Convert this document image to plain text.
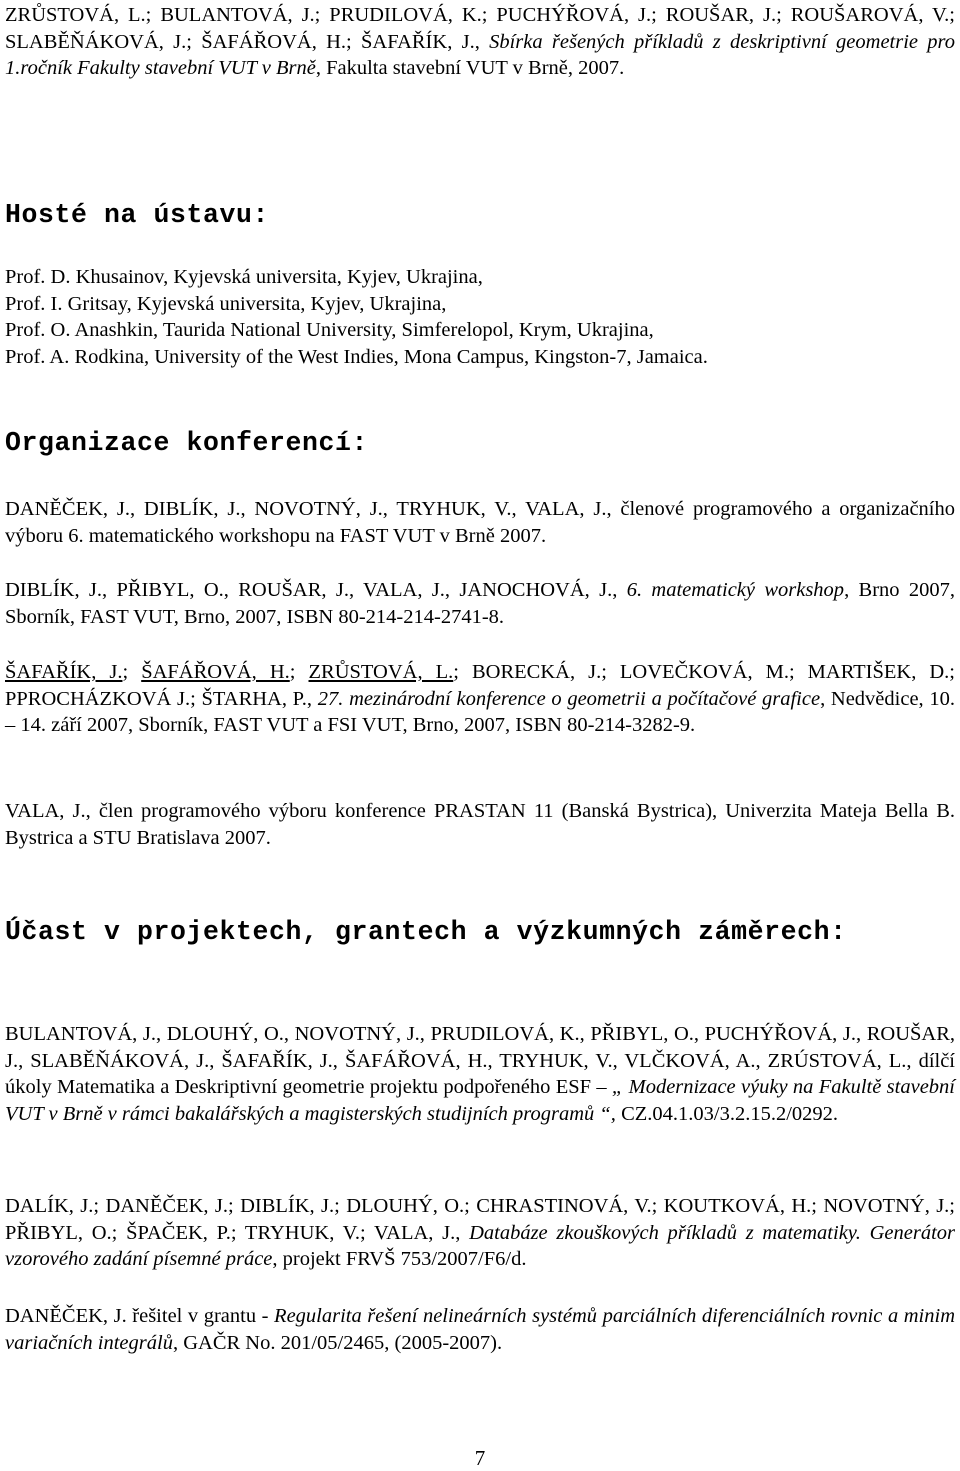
ZRŮSTOVÁ, L.; BULANTOVÁ, J.; PRUDILOVÁ, K.; PUCHÝŘOVÁ, J.; ROUŠAR, J.; ROUŠAROVÁ, V.; SLABĚŇÁKOVÁ, J.; ŠAFÁŘOVÁ, H.; ŠAFAŘÍK, J., Sbírka řešených příkladů z deskriptivní geometrie pro 1.ročník Fakulty stavební VUT v Brně, Fakulta stavební VUT v Brně, 2007.

Hosté na ústavu:

Prof. D. Khusainov, Kyjevská universita, Kyjev, Ukrajina,

Prof. I. Gritsay, Kyjevská universita, Kyjev, Ukrajina,

Prof. O. Anashkin, Taurida National University, Simferelopol, Krym, Ukrajina,

Prof. A. Rodkina, University of the West Indies, Mona Campus, Kingston-7, Jamaica.

Organizace konferencí:

DANĚČEK, J., DIBLÍK, J., NOVOTNÝ, J., TRYHUK, V., VALA, J., členové programového a organizačního výboru 6. matematického workshopu na FAST VUT v Brně 2007.

DIBLÍK, J., PŘIBYL, O., ROUŠAR, J., VALA, J., JANOCHOVÁ, J., 6. matematický workshop, Brno 2007, Sborník, FAST VUT, Brno, 2007, ISBN 80-214-214-2741-8.

ŠAFAŘÍK, J.; ŠAFÁŘOVÁ, H.; ZRŮSTOVÁ, L.; BORECKÁ, J.; LOVEČKOVÁ, M.; MARTIŠEK, D.; PPROCHÁZKOVÁ J.; ŠTARHA, P., 27. mezinárodní konference o geometrii a počítačové grafice, Nedvědice, 10. – 14. září 2007, Sborník, FAST VUT a FSI VUT, Brno, 2007, ISBN 80-214-3282-9.

VALA, J., člen programového výboru konference PRASTAN 11 (Banská Bystrica), Univerzita Mateja Bella B. Bystrica a STU Bratislava 2007.

Účast v projektech, grantech a výzkumných záměrech:

BULANTOVÁ, J., DLOUHÝ, O., NOVOTNÝ, J., PRUDILOVÁ, K., PŘIBYL, O., PUCHÝŘOVÁ, J., ROUŠAR, J., SLABĚŇÁKOVÁ, J., ŠAFAŘÍK, J., ŠAFÁŘOVÁ, H., TRYHUK, V., VLČKOVÁ, A., ZRÚSTOVÁ, L., dílčí úkoly Matematika a Deskriptivní geometrie projektu podpořeného ESF – „ Modernizace výuky na Fakultě stavební VUT v Brně v rámci bakalářských a magisterských studijních programů “, CZ.04.1.03/3.2.15.2/0292.

DALÍK, J.; DANĚČEK, J.; DIBLÍK, J.; DLOUHÝ, O.; CHRASTINOVÁ, V.; KOUTKOVÁ, H.; NOVOTNÝ, J.; PŘIBYL, O.; ŠPAČEK, P.; TRYHUK, V.; VALA, J., Databáze zkouškových příkladů z matematiky. Generátor vzorového zadání písemné práce, projekt FRVŠ 753/2007/F6/d.

DANĚČEK, J. řešitel v grantu - Regularita řešení nelineárních systémů parciálních diferenciálních rovnic a minim variačních integrálů, GAČR No. 201/05/2465, (2005-2007).

7
